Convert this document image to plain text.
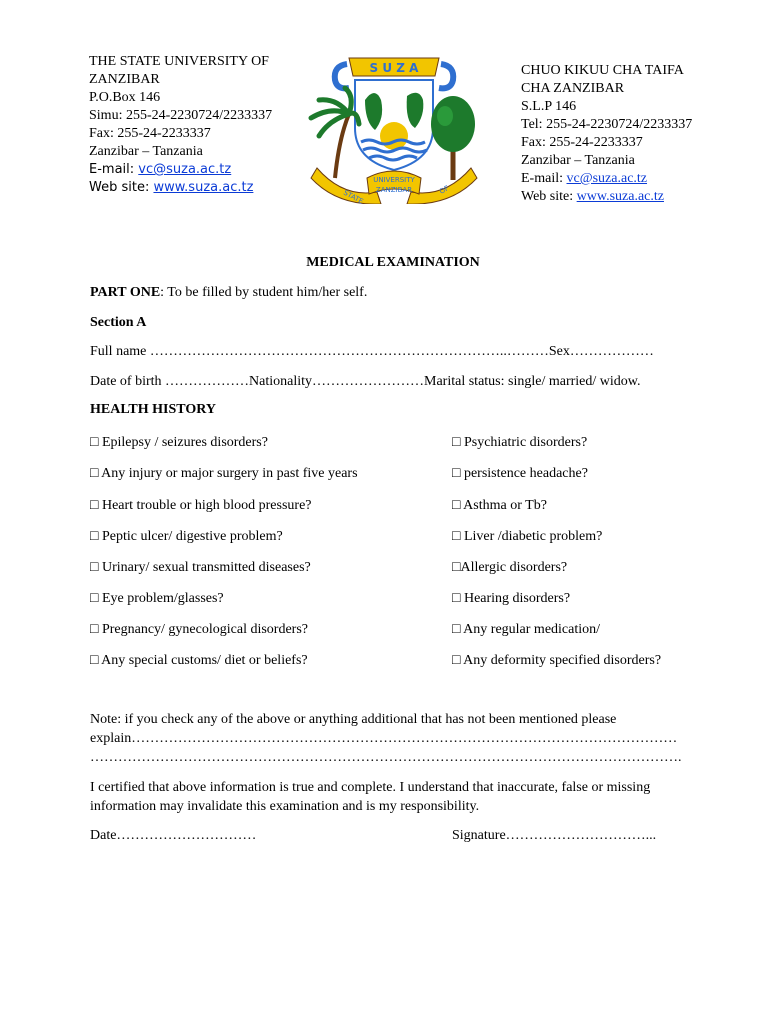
THE STATE UNIVERSITY OF
ZANZIBAR
P.O.Box 146
Simu: 255-24-2230724/2233337
Fax: 255-24-2233337
Zanzibar – Tanzania
E-mail: vc@suza.ac.tz
Web site: www.suza.ac.tz
S U Z A
STATE
UNIVERSITY
ZANZIBAR	OF
CHUO KIKUU CHA TAIFA
CHA ZANZIBAR
S.L.P 146
Tel: 255-24-2230724/2233337
Fax: 255-24-2233337
Zanzibar – Tanzania
E-mail: vc@suza.ac.tz
Web site: www.suza.ac.tz
MEDICAL EXAMINATION
PART ONE: To be filled by student him/her self.
Section A
Full name …………………………………………………………………..………Sex………………
Date of birth ………………Nationality……………………Marital status: single/ married/ widow.
HEALTH HISTORY
□ Epilepsy / seizures disorders?
□ Any injury or major surgery in past five years
□ Heart trouble or high blood pressure?
□ Peptic ulcer/ digestive problem?
□ Urinary/ sexual transmitted diseases?
□ Eye problem/glasses?
□ Pregnancy/ gynecological disorders?
□ Any special customs/ diet or beliefs?
□ Psychiatric disorders?
□ persistence headache?
□ Asthma or Tb?
□ Liver /diabetic problem?
□Allergic disorders?
□ Hearing disorders?
□ Any regular medication/
□ Any deformity specified disorders?
Note: if you check any of the above or anything additional that has not been mentioned please
explain………………………………………………………………………………………………………
……………………………………………………………………………………………………………….
I certified that above information is true and complete. I understand that inaccurate, false or missing
information may invalidate this examination and is my responsibility.
Date…………………………	Signature…………………………...
